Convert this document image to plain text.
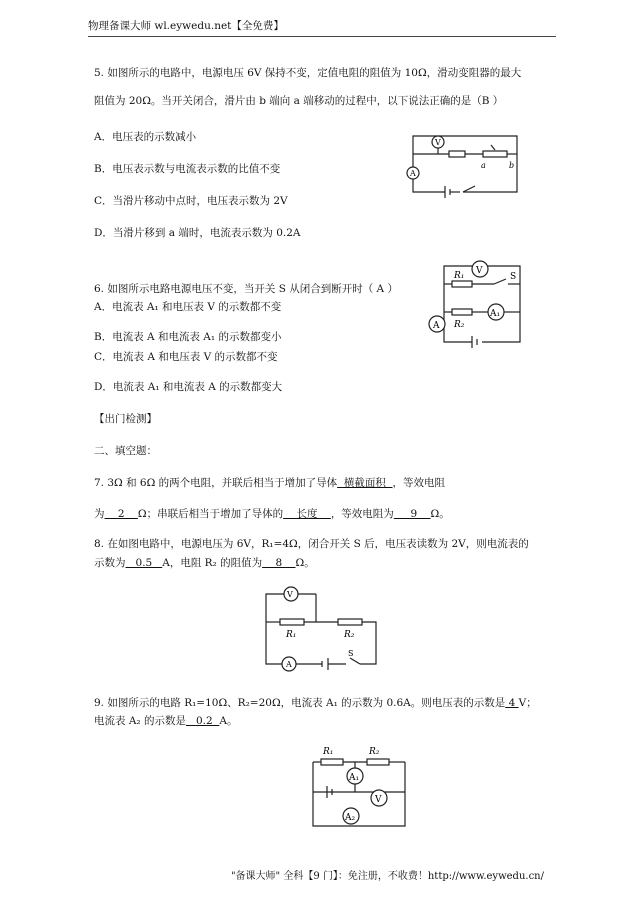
物理备课大师 wl.eywedu.net【全免费】
5. 如图所示的电路中，电源电压 6V 保持不变，定值电阻的阻值为 10Ω，滑动变阻器的最大
阻值为 20Ω。当开关闭合，滑片由 b 端向 a 端移动的过程中，以下说法正确的是（B ）
A．电压表的示数减小
B．电压表示数与电流表示数的比值不变
C．当滑片移动中点时，电压表示数为 2V
D．当滑片移到 a 端时，电流表示数为 0.2A
V
A
a	b
6. 如图所示电路电源电压不变，当开关 S 从闭合到断开时（ A ）
A．电流表 A₁ 和电压表 V 的示数都不变
B．电流表 A 和电流表 A₁ 的示数都变小
C．电流表 A 和电压表 V 的示数都不变
D．电流表 A₁ 和电流表 A 的示数都变大
V
R₁	S
R₂
A₁
A
【出门检测】
二、填空题：
7. 3Ω 和 6Ω 的两个电阻，并联后相当于增加了导体  横截面积  ，等效电阻
为    2    Ω；串联后相当于增加了导体的    长度    ，等效电阻为     9    Ω。
8. 在如图电路中，电源电压为 6V，R₁=4Ω，闭合开关 S 后，电压表读数为 2V，则电流表的
示数为   0.5   A，电阻 R₂ 的阻值为    8    Ω。
V
R₁	R₂
A
S
9. 如图所示的电路 R₁=10Ω、R₂=20Ω，电流表 A₁ 的示数为 0.6A。则电压表的示数是 4 V；
电流表 A₂ 的示数是   0.2  A。
R₁	R₂
A₁
V
A₂
"备课大师" 全科【9 门】：免注册，不收费！http://www.eywedu.cn/
